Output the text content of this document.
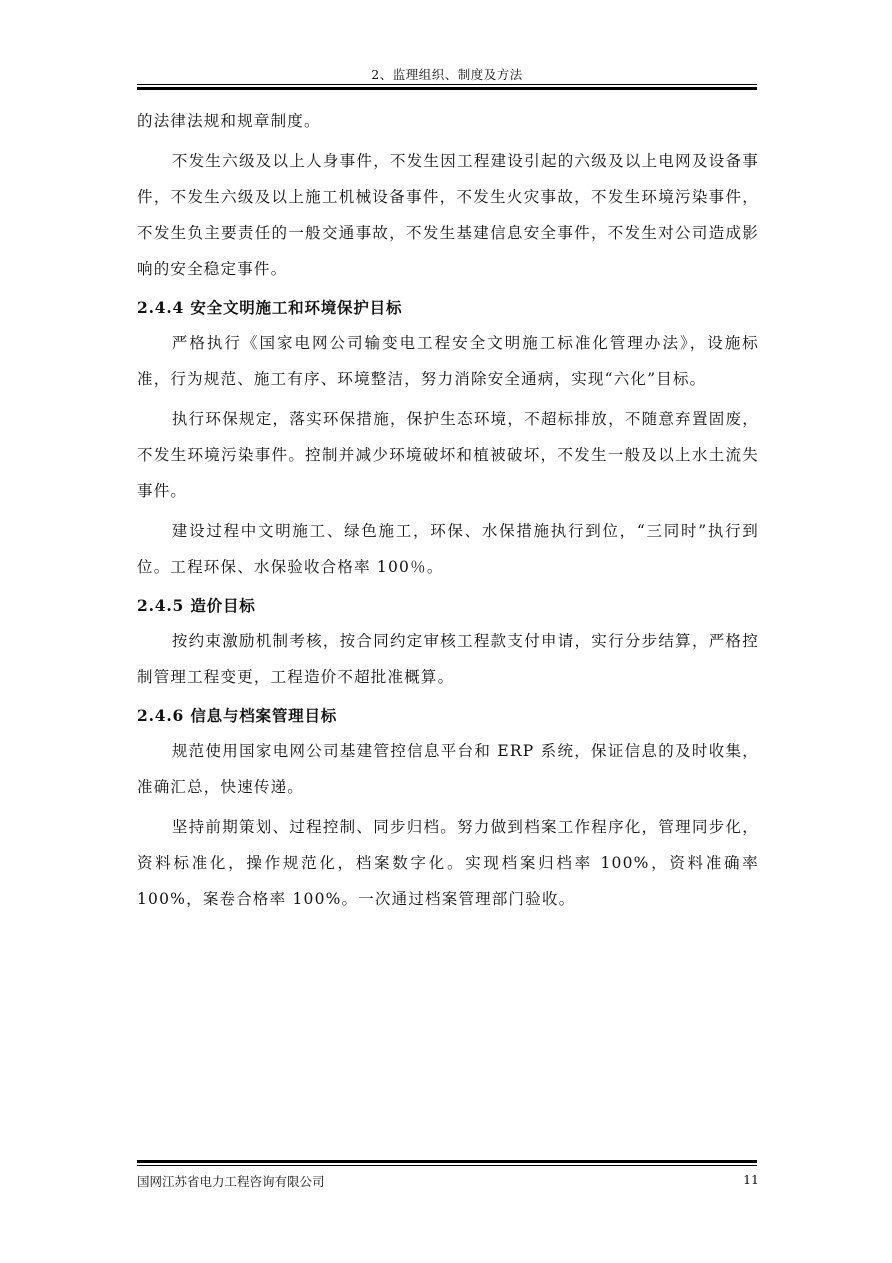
2、监理组织、制度及方法

的法律法规和规章制度。

不发生六级及以上人身事件，不发生因工程建设引起的六级及以上电网及设备事件，不发生六级及以上施工机械设备事件，不发生火灾事故，不发生环境污染事件，不发生负主要责任的一般交通事故，不发生基建信息安全事件，不发生对公司造成影响的安全稳定事件。

2.4.4 安全文明施工和环境保护目标

严格执行《国家电网公司输变电工程安全文明施工标准化管理办法》，设施标准，行为规范、施工有序、环境整洁，努力消除安全通病，实现“六化”目标。

执行环保规定，落实环保措施，保护生态环境，不超标排放，不随意弃置固废，不发生环境污染事件。控制并减少环境破坏和植被破坏，不发生一般及以上水土流失事件。

建设过程中文明施工、绿色施工，环保、水保措施执行到位，“三同时”执行到位。工程环保、水保验收合格率 100％。

2.4.5 造价目标

按约束激励机制考核，按合同约定审核工程款支付申请，实行分步结算，严格控制管理工程变更，工程造价不超批准概算。

2.4.6 信息与档案管理目标

规范使用国家电网公司基建管控信息平台和 ERP 系统，保证信息的及时收集，准确汇总，快速传递。

坚持前期策划、过程控制、同步归档。努力做到档案工作程序化，管理同步化，资料标准化，操作规范化，档案数字化。实现档案归档率 100%，资料准确率 100%，案卷合格率 100%。一次通过档案管理部门验收。

国网江苏省电力工程咨询有限公司	11
